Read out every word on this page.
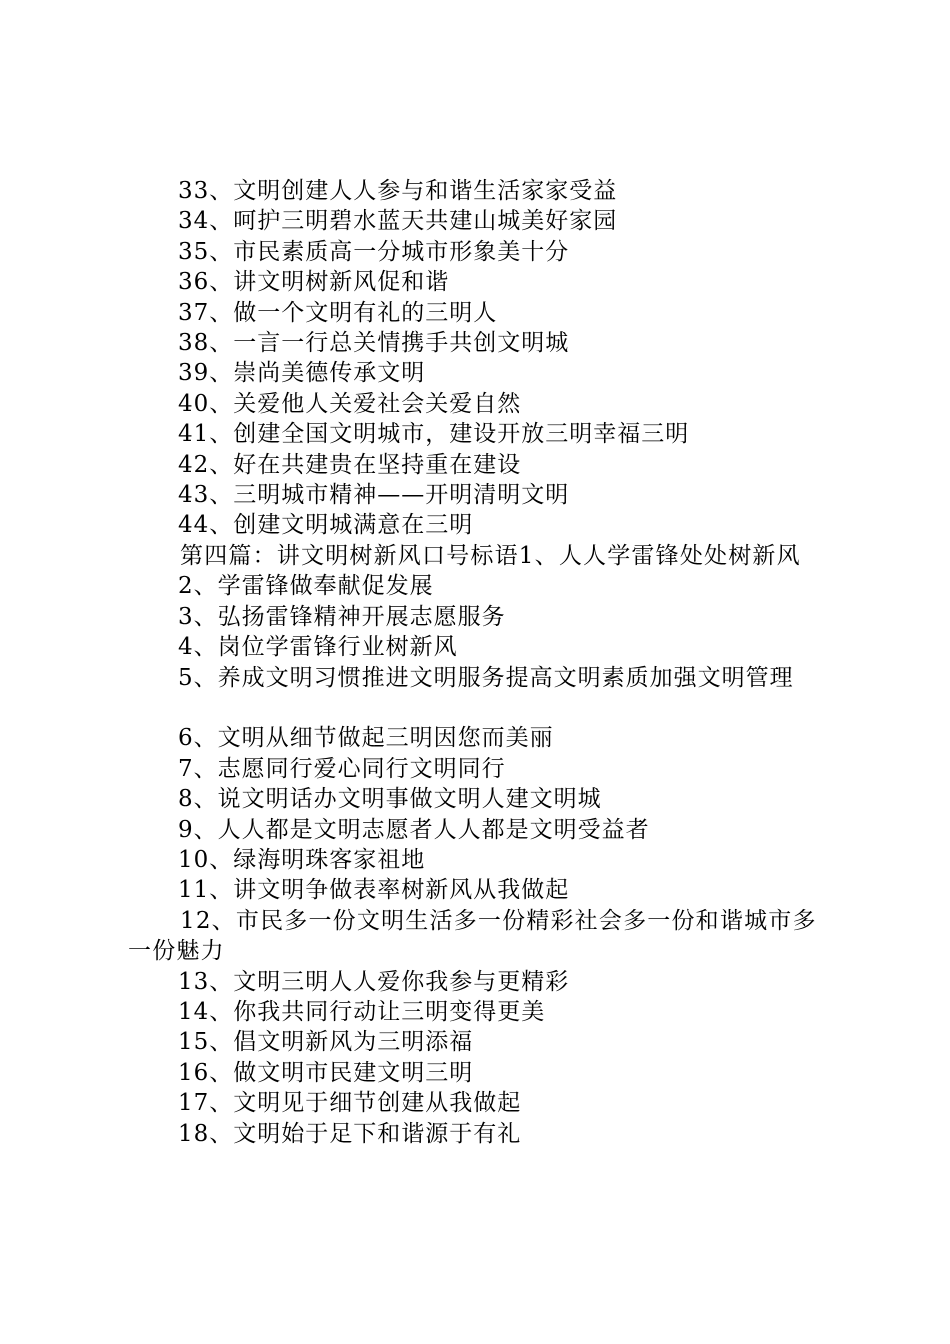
33、文明创建人人参与和谐生活家家受益
34、呵护三明碧水蓝天共建山城美好家园
35、市民素质高一分城市形象美十分
36、讲文明树新风促和谐
37、做一个文明有礼的三明人
38、一言一行总关情携手共创文明城
39、崇尚美德传承文明
40、关爱他人关爱社会关爱自然
41、创建全国文明城市，建设开放三明幸福三明
42、好在共建贵在坚持重在建设
43、三明城市精神——开明清明文明
44、创建文明城满意在三明
第四篇：讲文明树新风口号标语1、人人学雷锋处处树新风
2、学雷锋做奉献促发展
3、弘扬雷锋精神开展志愿服务
4、岗位学雷锋行业树新风
5、养成文明习惯推进文明服务提高文明素质加强文明管理
6、文明从细节做起三明因您而美丽
7、志愿同行爱心同行文明同行
8、说文明话办文明事做文明人建文明城
9、人人都是文明志愿者人人都是文明受益者
10、绿海明珠客家祖地
11、讲文明争做表率树新风从我做起
12、市民多一份文明生活多一份精彩社会多一份和谐城市多一份魅力
13、文明三明人人爱你我参与更精彩
14、你我共同行动让三明变得更美
15、倡文明新风为三明添福
16、做文明市民建文明三明
17、文明见于细节创建从我做起
18、文明始于足下和谐源于有礼
